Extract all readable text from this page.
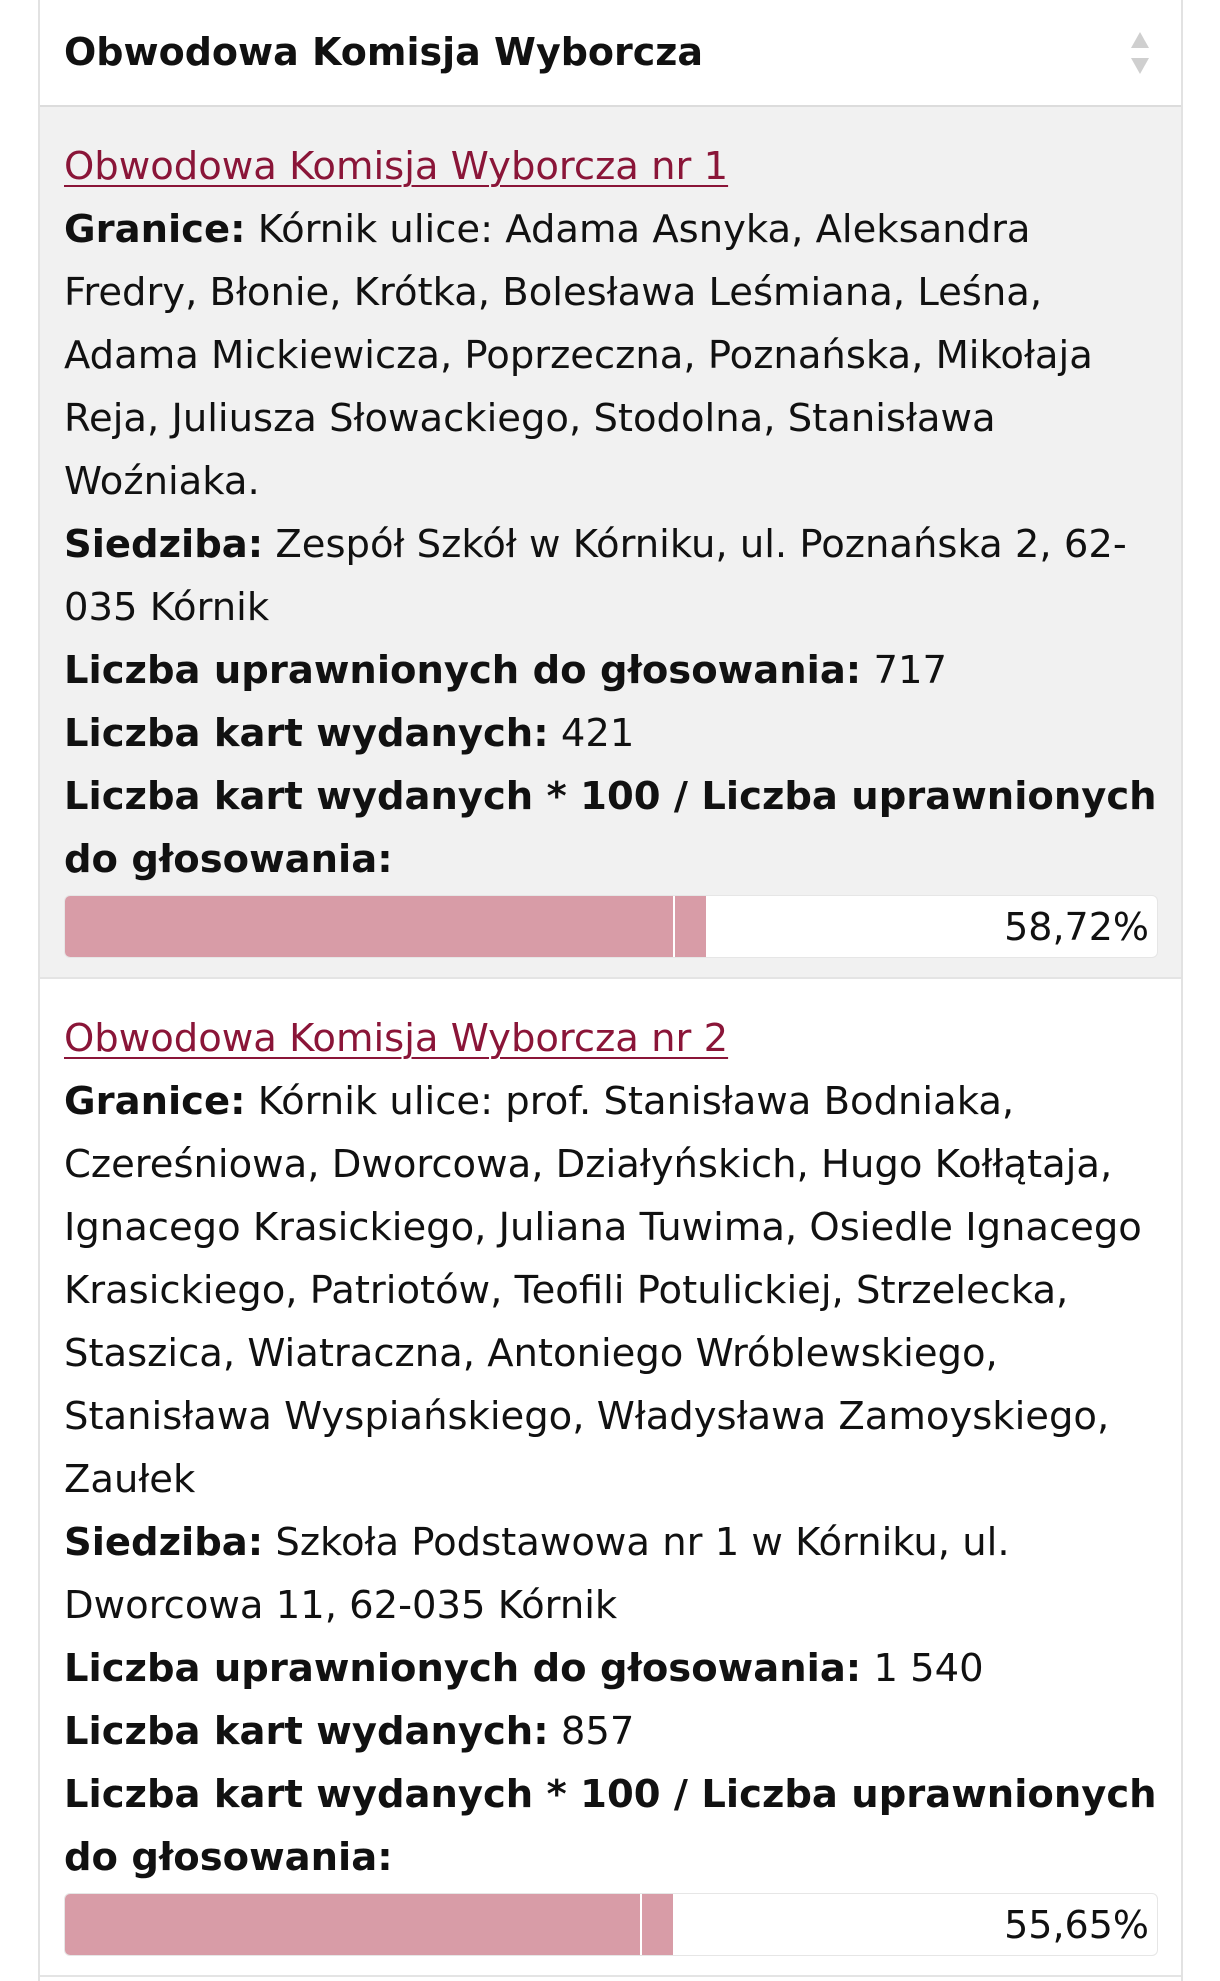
Obwodowa Komisja Wyborcza
Obwodowa Komisja Wyborcza nr 1
Granice: Kórnik ulice: Adama Asnyka, Aleksandra Fredry, Błonie, Krótka, Bolesława Leśmiana, Leśna, Adama Mickiewicza, Poprzeczna, Poznańska, Mikołaja Reja, Juliusza Słowackiego, Stodolna, Stanisława Woźniaka.
Siedziba: Zespół Szkół w Kórniku, ul. Poznańska 2, 62-035 Kórnik
Liczba uprawnionych do głosowania: 717
Liczba kart wydanych: 421
Liczba kart wydanych * 100 / Liczba uprawnionych do głosowania:
58,72%
Obwodowa Komisja Wyborcza nr 2
Granice: Kórnik ulice: prof. Stanisława Bodniaka, Czereśniowa, Dworcowa, Działyńskich, Hugo Kołłątaja, Ignacego Krasickiego, Juliana Tuwima, Osiedle Ignacego Krasickiego, Patriotów, Teofili Potulickiej, Strzelecka, Staszica, Wiatraczna, Antoniego Wróblewskiego, Stanisława Wyspiańskiego, Władysława Zamoyskiego, Zaułek
Siedziba: Szkoła Podstawowa nr 1 w Kórniku, ul. Dworcowa 11, 62-035 Kórnik
Liczba uprawnionych do głosowania: 1 540
Liczba kart wydanych: 857
Liczba kart wydanych * 100 / Liczba uprawnionych do głosowania:
55,65%
